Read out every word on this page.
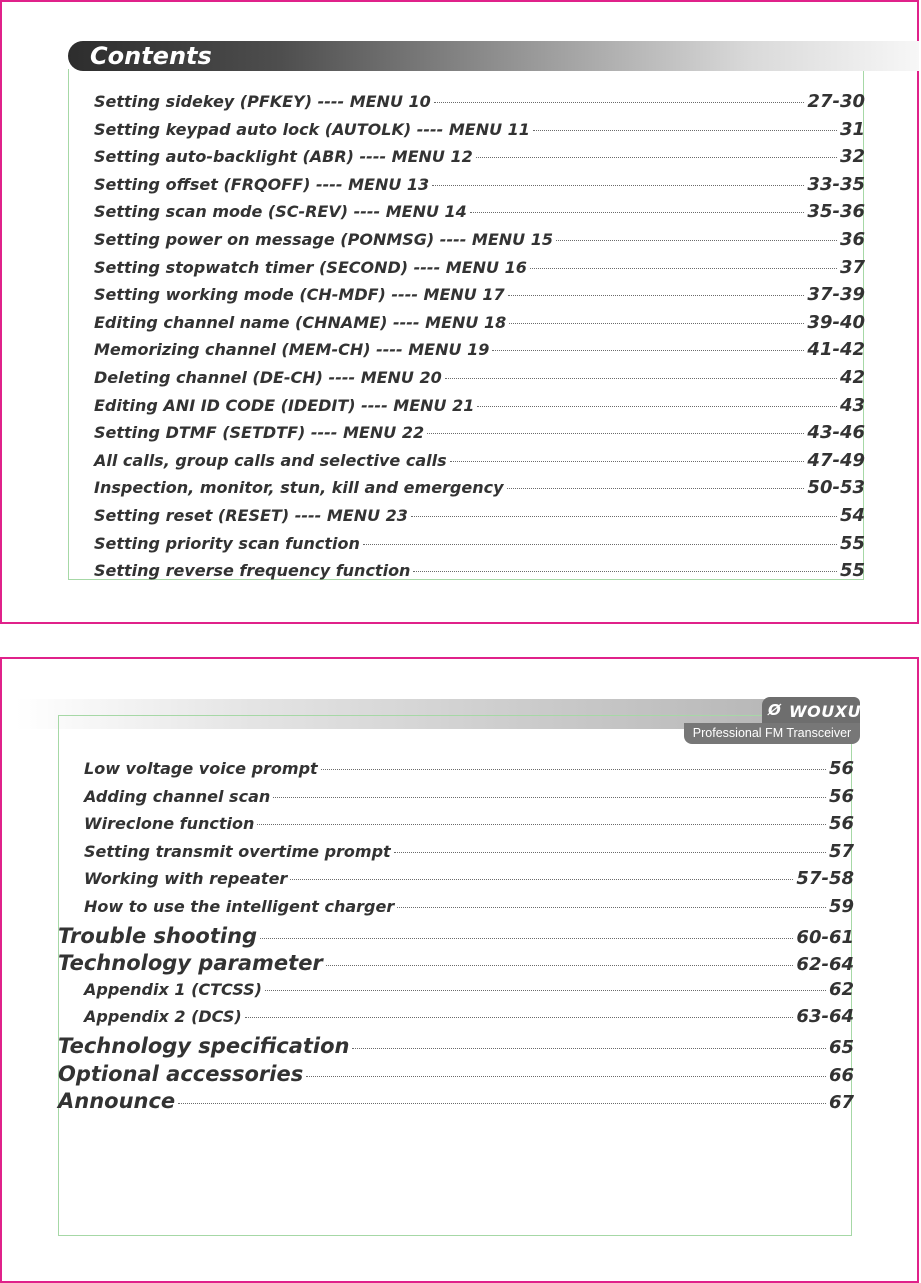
Contents
Setting sidekey (PFKEY) ---- MENU 10	27-30
Setting keypad auto lock (AUTOLK) ---- MENU 11	31
Setting auto-backlight (ABR) ---- MENU 12	32
Setting offset (FRQOFF) ---- MENU 13	33-35
Setting scan mode (SC-REV) ---- MENU 14	35-36
Setting power on message (PONMSG) ---- MENU 15	36
Setting stopwatch timer (SECOND) ---- MENU 16	37
Setting working mode (CH-MDF) ---- MENU 17	37-39
Editing channel name (CHNAME) ---- MENU 18	39-40
Memorizing channel (MEM-CH) ---- MENU 19	41-42
Deleting channel (DE-CH) ---- MENU 20	42
Editing ANI ID CODE (IDEDIT) ---- MENU 21	43
Setting DTMF (SETDTF) ---- MENU 22	43-46
All calls, group calls and selective calls	47-49
Inspection, monitor, stun, kill and emergency	50-53
Setting reset (RESET) ---- MENU 23	54
Setting priority scan function	55
Setting reverse frequency function	55
Ø WOUXUN
Professional FM Transceiver
Low voltage voice prompt	56
Adding channel scan	56
Wireclone function	56
Setting transmit overtime prompt	57
Working with repeater	57-58
How to use the intelligent charger	59
Trouble shooting	60-61
Technology parameter	62-64
Appendix 1 (CTCSS)	62
Appendix 2 (DCS)	63-64
Technology specification	65
Optional accessories	66
Announce	67
